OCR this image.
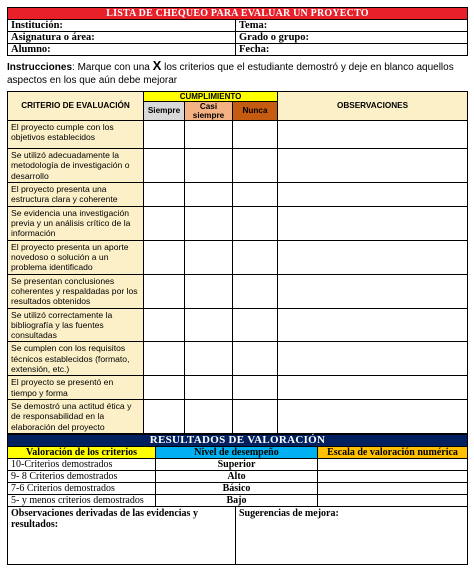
LISTA DE CHEQUEO PARA EVALUAR UN PROYECTO	
Institución:	Tema:
Asignatura o área:	Grado o grupo:
Alumno:	Fecha:
Instrucciones: Marque con una X los criterios que el estudiante demostró y deje en blanco aquellos aspectos en los que aún debe mejorar
CRITERIO DE EVALUACIÓN	CUMPLIMIENTO			OBSERVACIONES
	Siempre	Casi siempre	Nunca	
El proyecto cumple con los objetivos establecidos				
Se utilizó adecuadamente la metodología de investigación o desarrollo				
El proyecto presenta una estructura clara y coherente				
Se evidencia una investigación previa y un análisis crítico de la información				
El proyecto presenta un aporte novedoso o solución a un problema identificado				
Se presentan conclusiones coherentes y respaldadas por los resultados obtenidos				
Se utilizó correctamente la bibliografía y las fuentes consultadas				
Se cumplen con los requisitos técnicos establecidos (formato, extensión, etc.)				
El proyecto se presentó en tiempo y forma				
Se demostró una actitud ética y de responsabilidad en la elaboración del proyecto				
RESULTADOS DE VALORACIÓN		
Valoración de los criterios	Nivel de desempeño	Escala de valoración numérica
10-Criterios demostrados	Superior	
9- 8 Criterios demostrados	Alto	
7-6 Criterios demostrados	Básico	
5- y menos criterios demostrados	Bajo	
Observaciones derivadas de las evidencias y resultados:	Sugerencias de mejora:
